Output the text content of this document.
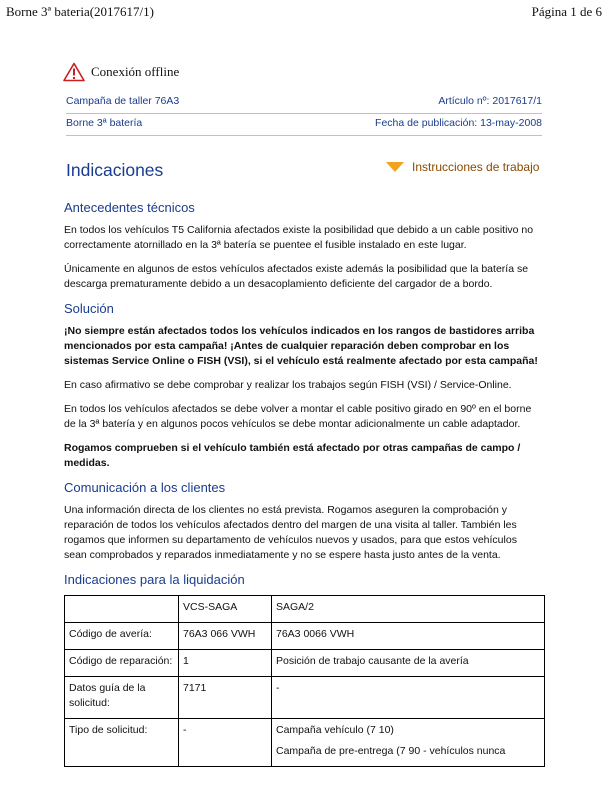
Borne 3ª bateria(2017617/1)	Página 1 de 6
Conexión offline
Campaña de taller 76A3	Artículo nº: 2017617/1
Borne 3ª batería	Fecha de publicación: 13-may-2008
Indicaciones	Instrucciones de trabajo
Antecedentes técnicos

En todos los vehículos T5 California afectados existe la posibilidad que debido a un cable positivo no correctamente atornillado en la 3ª batería se puentee el fusible instalado en este lugar.

Únicamente en algunos de estos vehículos afectados existe además la posibilidad que la batería se descarga prematuramente debido a un desacoplamiento deficiente del cargador de a bordo.

Solución

¡No siempre están afectados todos los vehículos indicados en los rangos de bastidores arriba mencionados por esta campaña! ¡Antes de cualquier reparación deben comprobar en los sistemas Service Online o FISH (VSI), si el vehículo está realmente afectado por esta campaña!

En caso afirmativo se debe comprobar y realizar los trabajos según FISH (VSI) / Service-Online.

En todos los vehículos afectados se debe volver a montar el cable positivo girado en 90º en el borne de la 3ª batería y en algunos pocos vehículos se debe montar adicionalmente un cable adaptador.

Rogamos comprueben si el vehículo también está afectado por otras campañas de campo / medidas.

Comunicación a los clientes

Una información directa de los clientes no está prevista. Rogamos aseguren la comprobación y reparación de todos los vehículos afectados dentro del margen de una visita al taller. También les rogamos que informen su departamento de vehículos nuevos y usados, para que estos vehículos sean comprobados y reparados inmediatamente y no se espere hasta justo antes de la venta.

Indicaciones para la liquidación
	VCS-SAGA	SAGA/2
Código de avería:	76A3 066 VWH	76A3 0066 VWH
Código de reparación:	1	Posición de trabajo causante de la avería
Datos guía de la solicitud:	7171	-
Tipo de solicitud:	-	Campaña vehículo (7 10)
Campaña de pre-entrega (7 90 - vehículos nunca
